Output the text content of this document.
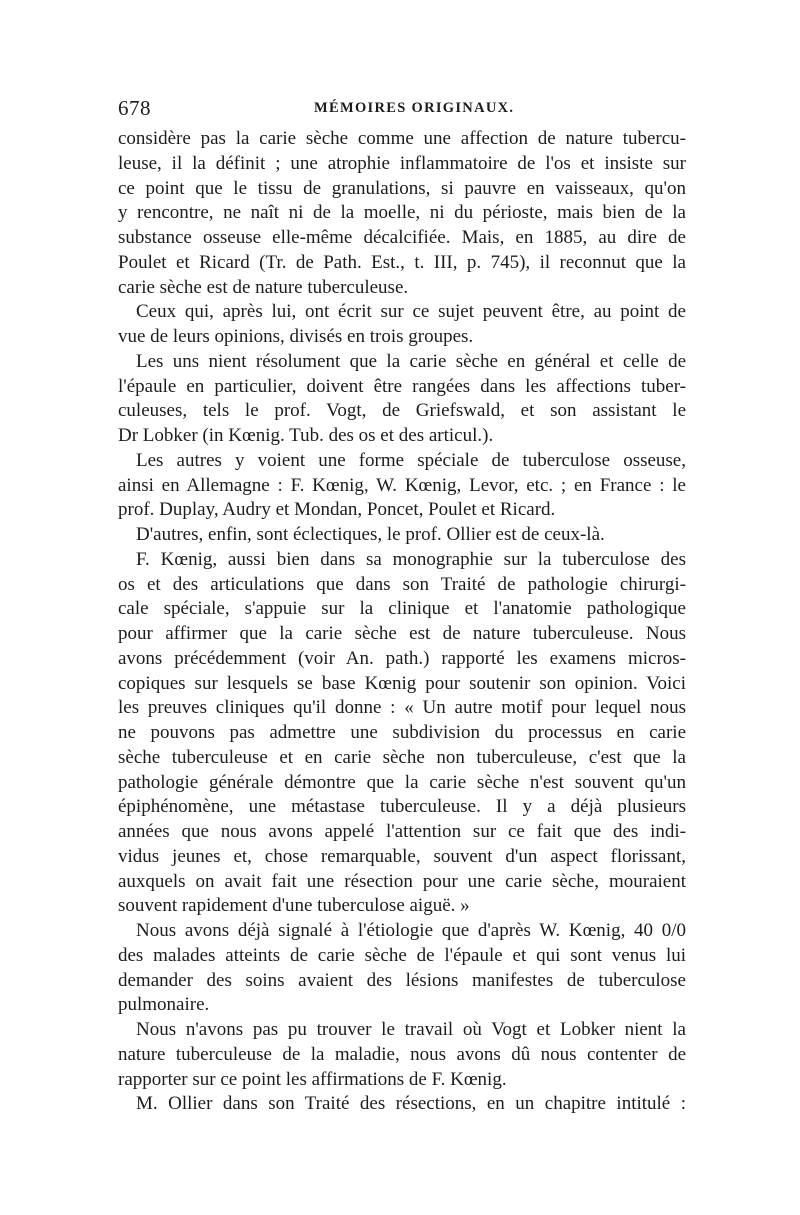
678	MÉMOIRES ORIGINAUX.
considère pas la carie sèche comme une affection de nature tubercu-
leuse, il la définit ; une atrophie inflammatoire de l'os et insiste sur
ce point que le tissu de granulations, si pauvre en vaisseaux, qu'on
y rencontre, ne naît ni de la moelle, ni du périoste, mais bien de la
substance osseuse elle-même décalcifiée. Mais, en 1885, au dire de
Poulet et Ricard (Tr. de Path. Est., t. III, p. 745), il reconnut que la
carie sèche est de nature tuberculeuse.
Ceux qui, après lui, ont écrit sur ce sujet peuvent être, au point de
vue de leurs opinions, divisés en trois groupes.
Les uns nient résolument que la carie sèche en général et celle de
l'épaule en particulier, doivent être rangées dans les affections tuber-
culeuses, tels le prof. Vogt, de Griefswald, et son assistant le
Dr Lobker (in Kœnig. Tub. des os et des articul.).
Les autres y voient une forme spéciale de tuberculose osseuse,
ainsi en Allemagne : F. Kœnig, W. Kœnig, Levor, etc. ; en France : le
prof. Duplay, Audry et Mondan, Poncet, Poulet et Ricard.
D'autres, enfin, sont éclectiques, le prof. Ollier est de ceux-là.
F. Kœnig, aussi bien dans sa monographie sur la tuberculose des
os et des articulations que dans son Traité de pathologie chirurgi-
cale spéciale, s'appuie sur la clinique et l'anatomie pathologique
pour affirmer que la carie sèche est de nature tuberculeuse. Nous
avons précédemment (voir An. path.) rapporté les examens micros-
copiques sur lesquels se base Kœnig pour soutenir son opinion. Voici
les preuves cliniques qu'il donne : « Un autre motif pour lequel nous
ne pouvons pas admettre une subdivision du processus en carie
sèche tuberculeuse et en carie sèche non tuberculeuse, c'est que la
pathologie générale démontre que la carie sèche n'est souvent qu'un
épiphénomène, une métastase tuberculeuse. Il y a déjà plusieurs
années que nous avons appelé l'attention sur ce fait que des indi-
vidus jeunes et, chose remarquable, souvent d'un aspect florissant,
auxquels on avait fait une résection pour une carie sèche, mouraient
souvent rapidement d'une tuberculose aiguë. »
Nous avons déjà signalé à l'étiologie que d'après W. Kœnig, 40 0/0
des malades atteints de carie sèche de l'épaule et qui sont venus lui
demander des soins avaient des lésions manifestes de tuberculose
pulmonaire.
Nous n'avons pas pu trouver le travail où Vogt et Lobker nient la
nature tuberculeuse de la maladie, nous avons dû nous contenter de
rapporter sur ce point les affirmations de F. Kœnig.
M. Ollier dans son Traité des résections, en un chapitre intitulé :
